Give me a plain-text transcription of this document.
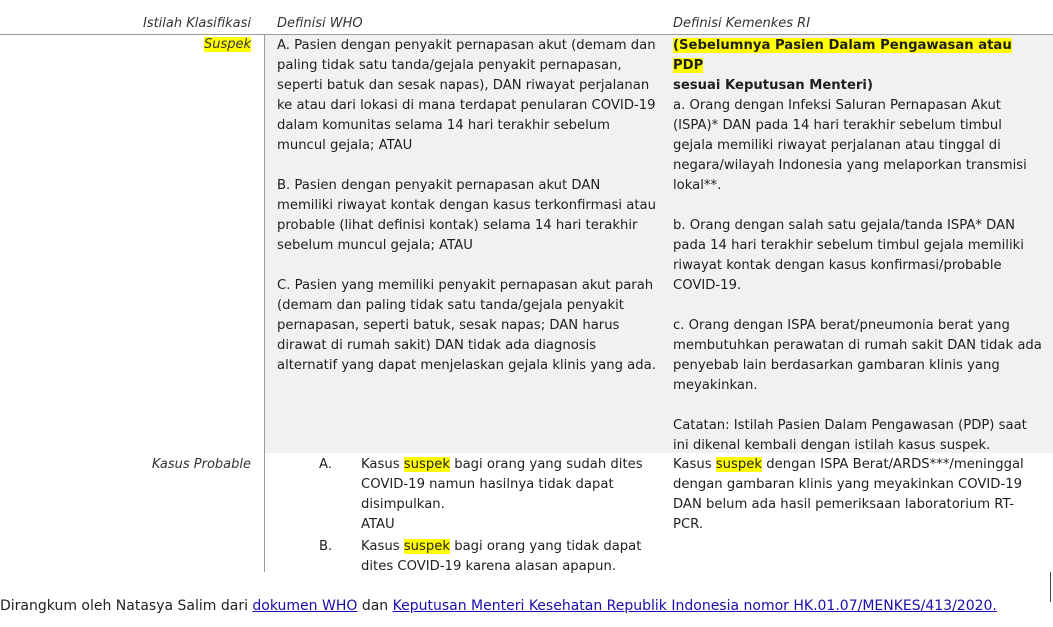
Istilah Klasifikasi Definisi WHO	Definisi Kemenkes RI
Suspek A. Pasien dengan penyakit pernapasan akut (demam dan paling tidak satu tanda/gejala penyakit pernapasan, seperti batuk dan sesak napas), DAN riwayat perjalanan ke atau dari lokasi di mana terdapat penularan COVID-19 dalam komunitas selama 14 hari terakhir sebelum muncul gejala; ATAU

B. Pasien dengan penyakit pernapasan akut DAN memiliki riwayat kontak dengan kasus terkonfirmasi atau probable (lihat definisi kontak) selama 14 hari terakhir sebelum muncul gejala; ATAU

C. Pasien yang memiliki penyakit pernapasan akut parah (demam dan paling tidak satu tanda/gejala penyakit pernapasan, seperti batuk, sesak napas; DAN harus dirawat di rumah sakit) DAN tidak ada diagnosis alternatif yang dapat menjelaskan gejala klinis yang ada.

(Sebelumnya Pasien Dalam Pengawasan atau PDP
sesuai Keputusan Menteri)

a. Orang dengan Infeksi Saluran Pernapasan Akut (ISPA)* DAN pada 14 hari terakhir sebelum timbul gejala memiliki riwayat perjalanan atau tinggal di negara/wilayah Indonesia yang melaporkan transmisi lokal**.

b. Orang dengan salah satu gejala/tanda ISPA* DAN pada 14 hari terakhir sebelum timbul gejala memiliki riwayat kontak dengan kasus konfirmasi/probable COVID-19.

c. Orang dengan ISPA berat/pneumonia berat yang membutuhkan perawatan di rumah sakit DAN tidak ada penyebab lain berdasarkan gambaran klinis yang meyakinkan.

Catatan: Istilah Pasien Dalam Pengawasan (PDP) saat ini dikenal kembali dengan istilah kasus suspek.

Kasus Probable	A. Kasus suspek bagi orang yang sudah dites COVID-19 namun hasilnya tidak dapat disimpulkan.
ATAU
B. Kasus suspek bagi orang yang tidak dapat dites COVID-19 karena alasan apapun.

Kasus suspek dengan ISPA Berat/ARDS***/meninggal dengan gambaran klinis yang meyakinkan COVID-19 DAN belum ada hasil pemeriksaan laboratorium RT-PCR.

Dirangkum oleh Natasya Salim dari dokumen WHO dan Keputusan Menteri Kesehatan Republik Indonesia nomor HK.01.07/MENKES/413/2020.
